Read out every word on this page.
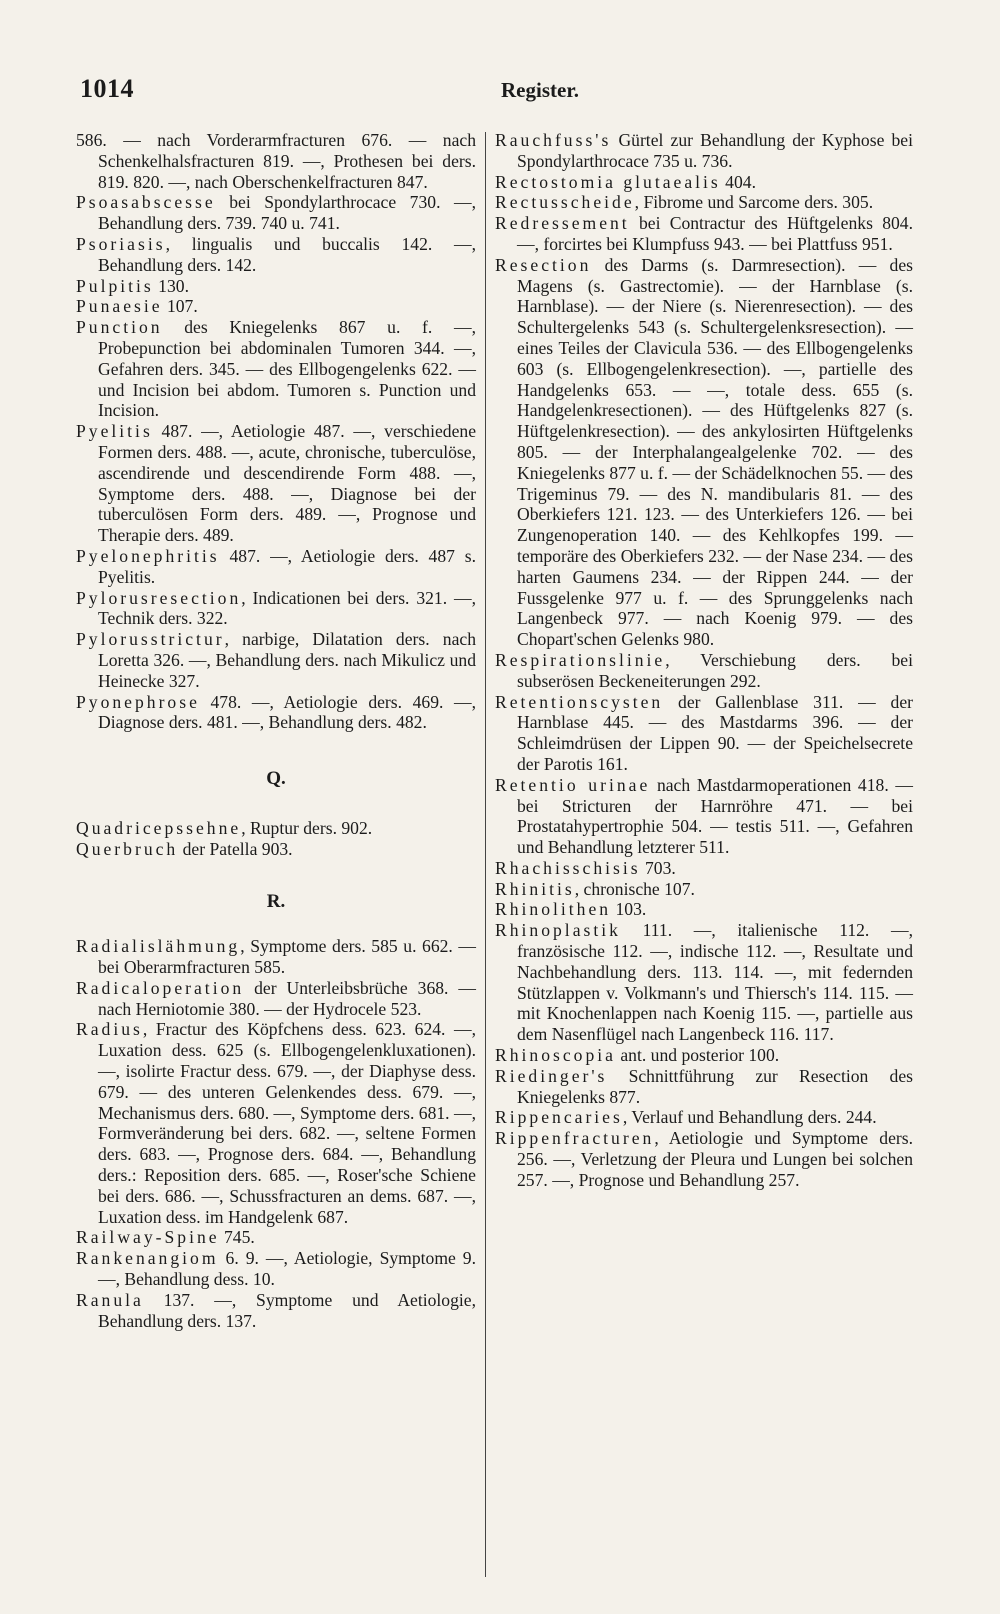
1014	Register.

586. — nach Vorderarmfracturen 676. — nach Schenkelhalsfracturen 819. —, Prothesen bei ders. 819. 820. —, nach Oberschenkelfracturen 847.

Psoasabscesse bei Spondylarthrocace 730. —, Behandlung ders. 739. 740 u. 741.

Psoriasis, lingualis und buccalis 142. —, Behandlung ders. 142.

Pulpitis 130.

Punaesie 107.

Punction des Kniegelenks 867 u. f. —, Probepunction bei abdominalen Tumoren 344. —, Gefahren ders. 345. — des Ellbogengelenks 622. — und Incision bei abdom. Tumoren s. Punction und Incision.

Pyelitis 487. —, Aetiologie 487. —, verschiedene Formen ders. 488. —, acute, chronische, tuberculöse, ascendirende und descendirende Form 488. —, Symptome ders. 488. —, Diagnose bei der tuberculösen Form ders. 489. —, Prognose und Therapie ders. 489.

Pyelonephritis 487. —, Aetiologie ders. 487 s. Pyelitis.

Pylorusresection, Indicationen bei ders. 321. —, Technik ders. 322.

Pylorusstrictur, narbige, Dilatation ders. nach Loretta 326. —, Behandlung ders. nach Mikulicz und Heinecke 327.

Pyonephrose 478. —, Aetiologie ders. 469. —, Diagnose ders. 481. —, Behandlung ders. 482.

Q.

Quadricepssehne, Ruptur ders. 902.

Querbruch der Patella 903.

R.

Radialislähmung, Symptome ders. 585 u. 662. — bei Oberarmfracturen 585.

Radicaloperation der Unterleibsbrüche 368. — nach Herniotomie 380. — der Hydrocele 523.

Radius, Fractur des Köpfchens dess. 623. 624. —, Luxation dess. 625 (s. Ellbogengelenkluxationen). —, isolirte Fractur dess. 679. —, der Diaphyse dess. 679. — des unteren Gelenkendes dess. 679. —, Mechanismus ders. 680. —, Symptome ders. 681. —, Formveränderung bei ders. 682. —, seltene Formen ders. 683. —, Prognose ders. 684. —, Behandlung ders.: Reposition ders. 685. —, Roser'sche Schiene bei ders. 686. —, Schussfracturen an dems. 687. —, Luxation dess. im Handgelenk 687.

Railway-Spine 745.

Rankenangiom 6. 9. —, Aetiologie, Symptome 9. —, Behandlung dess. 10.

Ranula 137. —, Symptome und Aetiologie, Behandlung ders. 137.

Rauchfuss's Gürtel zur Behandlung der Kyphose bei Spondylarthrocace 735 u. 736.

Rectostomia glutaealis 404.

Rectusscheide, Fibrome und Sarcome ders. 305.

Redressement bei Contractur des Hüftgelenks 804. —, forcirtes bei Klumpfuss 943. — bei Plattfuss 951.

Resection des Darms (s. Darmresection). — des Magens (s. Gastrectomie). — der Harnblase (s. Harnblase). — der Niere (s. Nierenresection). — des Schultergelenks 543 (s. Schultergelenksresection). — eines Teiles der Clavicula 536. — des Ellbogengelenks 603 (s. Ellbogengelenkresection). —, partielle des Handgelenks 653. — —, totale dess. 655 (s. Handgelenkresectionen). — des Hüftgelenks 827 (s. Hüftgelenkresection). — des ankylosirten Hüftgelenks 805. — der Interphalangealgelenke 702. — des Kniegelenks 877 u. f. — der Schädelknochen 55. — des Trigeminus 79. — des N. mandibularis 81. — des Oberkiefers 121. 123. — des Unterkiefers 126. — bei Zungenoperation 140. — des Kehlkopfes 199. — temporäre des Oberkiefers 232. — der Nase 234. — des harten Gaumens 234. — der Rippen 244. — der Fussgelenke 977 u. f. — des Sprunggelenks nach Langenbeck 977. — nach Koenig 979. — des Chopart'schen Gelenks 980.

Respirationslinie, Verschiebung ders. bei subserösen Beckeneiterungen 292.

Retentionscysten der Gallenblase 311. — der Harnblase 445. — des Mastdarms 396. — der Schleimdrüsen der Lippen 90. — der Speichelsecrete der Parotis 161.

Retentio urinae nach Mastdarmoperationen 418. — bei Stricturen der Harnröhre 471. — bei Prostatahypertrophie 504. — testis 511. —, Gefahren und Behandlung letzterer 511.

Rhachisschisis 703.

Rhinitis, chronische 107.

Rhinolithen 103.

Rhinoplastik 111. —, italienische 112. —, französische 112. —, indische 112. —, Resultate und Nachbehandlung ders. 113. 114. —, mit federnden Stützlappen v. Volkmann's und Thiersch's 114. 115. — mit Knochenlappen nach Koenig 115. —, partielle aus dem Nasenflügel nach Langenbeck 116. 117.

Rhinoscopia ant. und posterior 100.

Riedinger's Schnittführung zur Resection des Kniegelenks 877.

Rippencaries, Verlauf und Behandlung ders. 244.

Rippenfracturen, Aetiologie und Symptome ders. 256. —, Verletzung der Pleura und Lungen bei solchen 257. —, Prognose und Behandlung 257.
